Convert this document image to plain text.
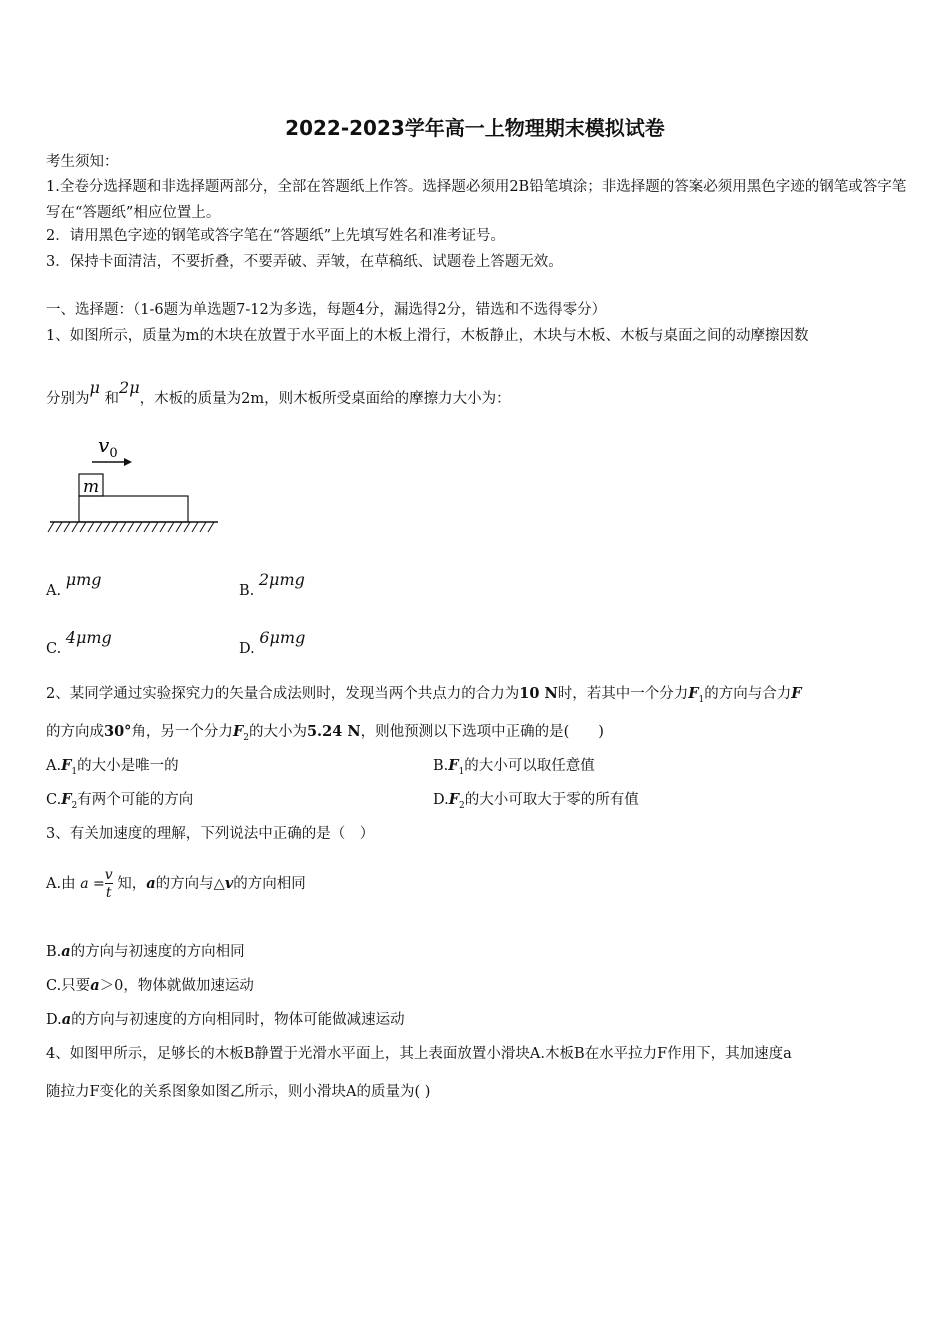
2022-2023学年高一上物理期末模拟试卷
考生须知：
1.全卷分选择题和非选择题两部分，全部在答题纸上作答。选择题必须用2B铅笔填涂；非选择题的答案必须用黑色字迹的钢笔或答字笔写在“答题纸”相应位置上。
2．请用黑色字迹的钢笔或答字笔在“答题纸”上先填写姓名和准考证号。
3．保持卡面清洁，不要折叠，不要弄破、弄皱，在草稿纸、试题卷上答题无效。
一、选择题：（1-6题为单选题7-12为多选，每题4分，漏选得2分，错选和不选得零分）
1、如图所示，质量为m的木块在放置于水平面上的木板上滑行，木板静止，木块与木板、木板与桌面之间的动摩擦因数
分别为μ 和2μ，木板的质量为2m，则木板所受桌面给的摩擦力大小为：
$v_0$
m
A. μmg
B. 2μmg
C. 4μmg
D. 6μmg
2、某同学通过实验探究力的矢量合成法则时，发现当两个共点力的合力为10 N时，若其中一个分力$F_1$的方向与合力F
的方向成30°角，另一个分力$F_2$的大小为5.24 N，则他预测以下选项中正确的是(　　)
$A.F_1$的大小是唯一的	$B.F_1$的大小可以取任意值
$C.F_2$有两个可能的方向	$D.F_2$的大小可取大于零的所有值
3、有关加速度的理解，下列说法中正确的是（　）
A.由 $a = \frac{v}{t}$ 知，a的方向与△v的方向相同
B.a的方向与初速度的方向相同
C.只要a＞0，物体就做加速运动
D.a的方向与初速度的方向相同时，物体可能做减速运动
4、如图甲所示，足够长的木板B静置于光滑水平面上，其上表面放置小滑块A.木板B在水平拉力F作用下，其加速度a
随拉力F变化的关系图象如图乙所示，则小滑块A的质量为( )
